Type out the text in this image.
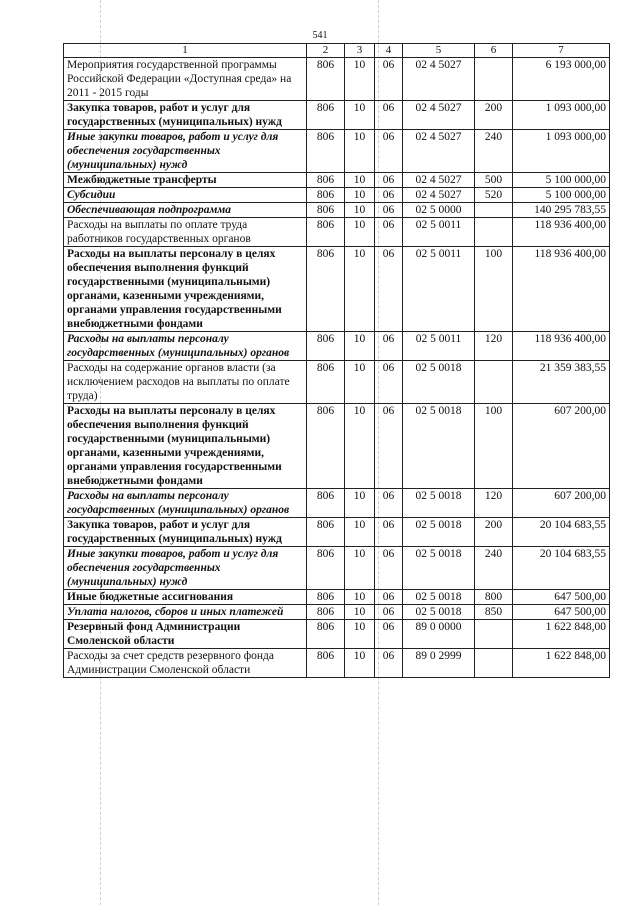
541
1	2	3	4	5	6	7
Мероприятия государственной программы Российской Федерации «Доступная среда» на 2011 - 2015 годы	806	10	06	02 4 5027		6 193 000,00
Закупка товаров, работ и услуг для государственных (муниципальных) нужд	806	10	06	02 4 5027	200	1 093 000,00
Иные закупки товаров, работ и услуг для обеспечения государственных (муниципальных) нужд	806	10	06	02 4 5027	240	1 093 000,00
Межбюджетные трансферты	806	10	06	02 4 5027	500	5 100 000,00
Субсидии	806	10	06	02 4 5027	520	5 100 000,00
Обеспечивающая подпрограмма	806	10	06	02 5 0000		140 295 783,55
Расходы на выплаты по оплате труда работников государственных органов	806	10	06	02 5 0011		118 936 400,00
Расходы на выплаты персоналу в целях обеспечения выполнения функций государственными (муниципальными) органами, казенными учреждениями, органами управления государственными внебюджетными фондами	806	10	06	02 5 0011	100	118 936 400,00
Расходы на выплаты персоналу государственных (муниципальных) органов	806	10	06	02 5 0011	120	118 936 400,00
Расходы на содержание органов власти (за исключением расходов на выплаты по оплате труда)	806	10	06	02 5 0018		21 359 383,55
Расходы на выплаты персоналу в целях обеспечения выполнения функций государственными (муниципальными) органами, казенными учреждениями, органами управления государственными внебюджетными фондами	806	10	06	02 5 0018	100	607 200,00
Расходы на выплаты персоналу государственных (муниципальных) органов	806	10	06	02 5 0018	120	607 200,00
Закупка товаров, работ и услуг для государственных (муниципальных) нужд	806	10	06	02 5 0018	200	20 104 683,55
Иные закупки товаров, работ и услуг для обеспечения государственных (муниципальных) нужд	806	10	06	02 5 0018	240	20 104 683,55
Иные бюджетные ассигнования	806	10	06	02 5 0018	800	647 500,00
Уплата налогов, сборов и иных платежей	806	10	06	02 5 0018	850	647 500,00
Резервный фонд Администрации Смоленской области	806	10	06	89 0 0000		1 622 848,00
Расходы за счет средств резервного фонда Администрации Смоленской области	806	10	06	89 0 2999		1 622 848,00
